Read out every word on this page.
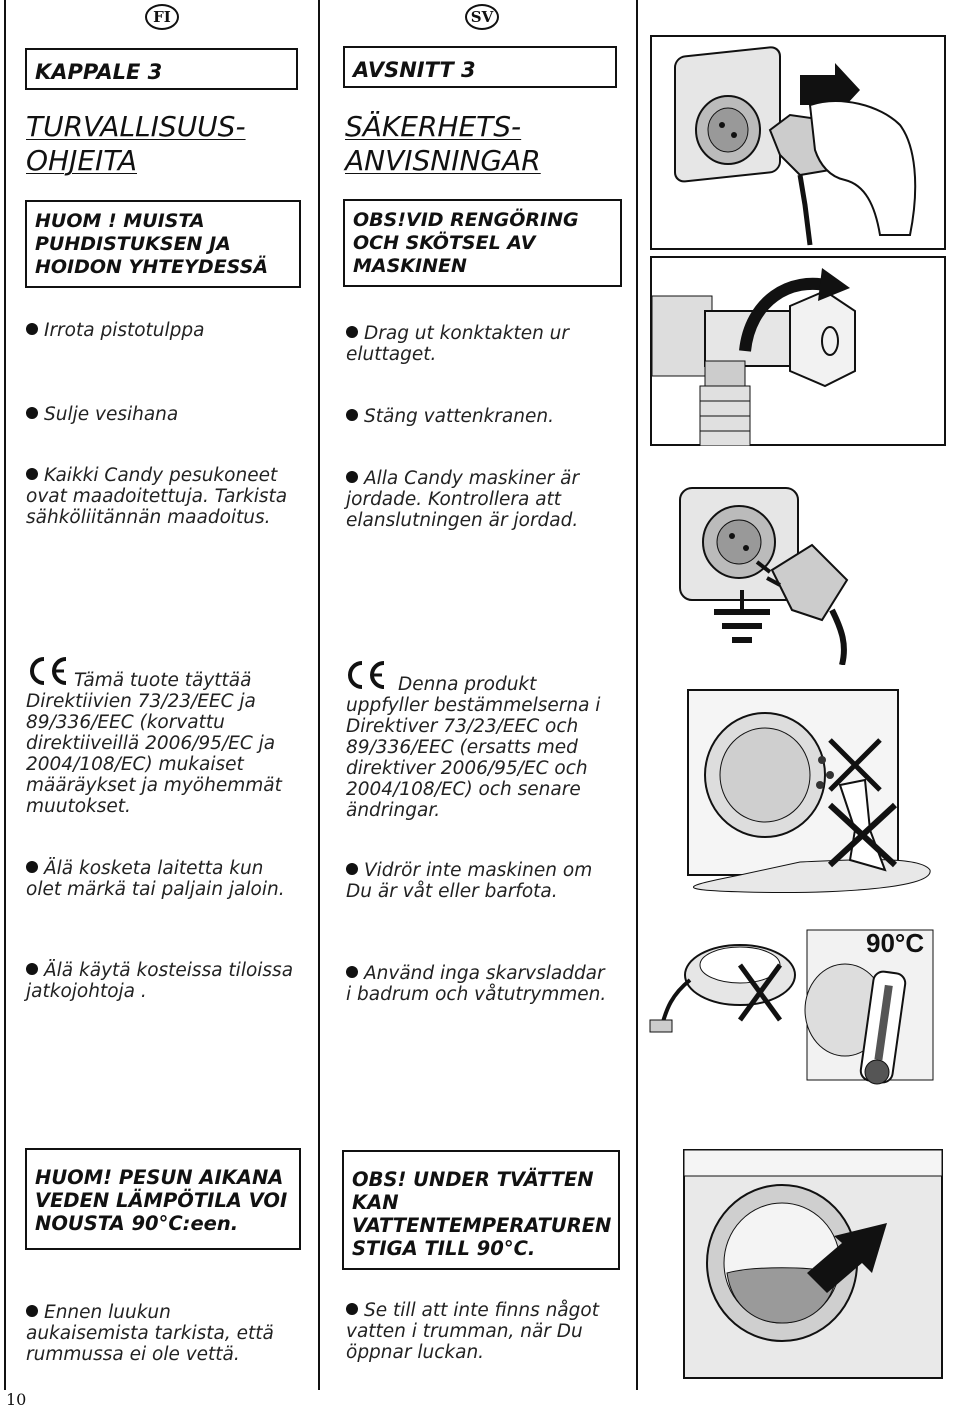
FI	SV
KAPPALE 3
TURVALLISUUS-
OHJEITA
HUOM ! MUISTA
PUHDISTUKSEN JA
HOIDON YHTEYDESSÄ
Irrota pistotulppa
Sulje vesihana
Kaikki Candy pesukoneet
ovat maadoitettuja. Tarkista
sähköliitännän maadoitus.
Tämä tuote täyttää
Direktiivien 73/23/EEC ja
89/336/EEC (korvattu
direktiiveillä 2006/95/EC ja
2004/108/EC) mukaiset
määräykset ja myöhemmät
muutokset.
Älä kosketa laitetta kun
olet märkä tai paljain jaloin.
Älä käytä kosteissa tiloissa
jatkojohtoja .
HUOM! PESUN AIKANA
VEDEN LÄMPÖTILA VOI
NOUSTA 90°C:een.
Ennen luukun
aukaisemista tarkista, että
rummussa ei ole vettä.
AVSNITT 3
SÄKERHETS-
ANVISNINGAR
OBS!VID RENGÖRING
OCH SKÖTSEL AV
MASKINEN
Drag ut konktakten ur
eluttaget.
Stäng vattenkranen.
Alla Candy maskiner är
jordade. Kontrollera att
elanslutningen är jordad.
Denna produkt
uppfyller bestämmelserna i
Direktiver 73/23/EEC och
89/336/EEC (ersatts med
direktiver 2006/95/EC och
2004/108/EC) och senare
ändringar.
Vidrör inte maskinen om
Du är våt eller barfota.
Använd inga skarvsladdar
i badrum och våtutrymmen.
OBS! UNDER TVÄTTEN
KAN
VATTENTEMPERATUREN
STIGA TILL 90°C.
Se till att inte finns något
vatten i trumman, när Du
öppnar luckan.
90°C
10
